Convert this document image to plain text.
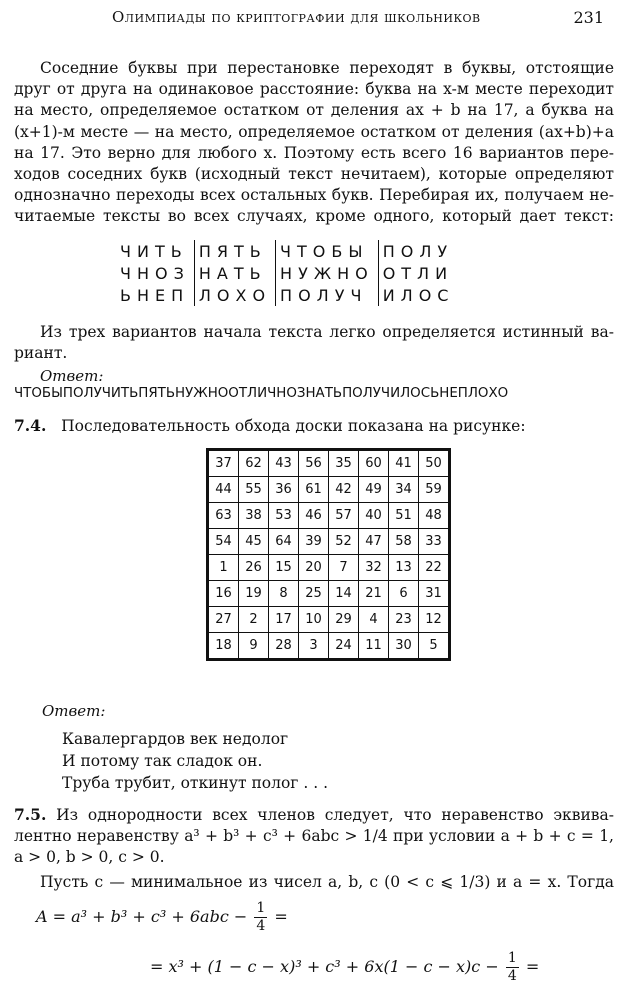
Олимпиады по криптографии для школьников	231
Соседние буквы при перестановке переходят в буквы, отстоящие
друг от друга на одинаковое расстояние: буква на x-м месте переходит
на место, определяемое остатком от деления ax + b на 17, а буква на
(x+1)-м месте — на место, определяемое остатком от деления (ax+b)+a
на 17. Это верно для любого x. Поэтому есть всего 16 вариантов пере-
ходов соседних букв (исходный текст нечитаем), которые определяют
однозначно переходы всех остальных букв. Перебирая их, получаем не-
читаемые тексты во всех случаях, кроме одного, который дает текст:
ЧИТЬ	ПЯТЬ	ЧТОБЫ	ПОЛУ
ЧНОЗ	НАТЬ	НУЖНО	ОТЛИ
ЬНЕП	ЛОХО	ПОЛУЧ	ИЛОС
Из трех вариантов начала текста легко определяется истинный ва-
риант.
Ответ:
ЧТОБЫПОЛУЧИТЬПЯТЬНУЖНООТЛИЧНОЗНАТЬПОЛУЧИЛОСЬНЕПЛОХО
7.4. Последовательность обхода доски показана на рисунке:
37	62	43	56	35	60	41	50
44	55	36	61	42	49	34	59
63	38	53	46	57	40	51	48
54	45	64	39	52	47	58	33
1	26	15	20	7	32	13	22
16	19	8	25	14	21	6	31
27	2	17	10	29	4	23	12
18	9	28	3	24	11	30	5
Ответ:
Кавалергардов век недолог
И потому так сладок он.
Труба трубит, откинут полог . . .
7.5. Из однородности всех членов следует, что неравенство эквива-
лентно неравенству a³ + b³ + c³ + 6abc > 1/4 при условии a + b + c = 1,
a > 0, b > 0, c > 0.
Пусть c — минимальное из чисел a, b, c (0 < c ⩽ 1/3) и a = x. Тогда
$A = a^3 + b^3 + c^3 + 6abc - \frac{1}{4}$ =
= $x^3 + (1 - c - x)^3 + c^3 + 6x(1 - c - x)c - \frac{1}{4}$ =
